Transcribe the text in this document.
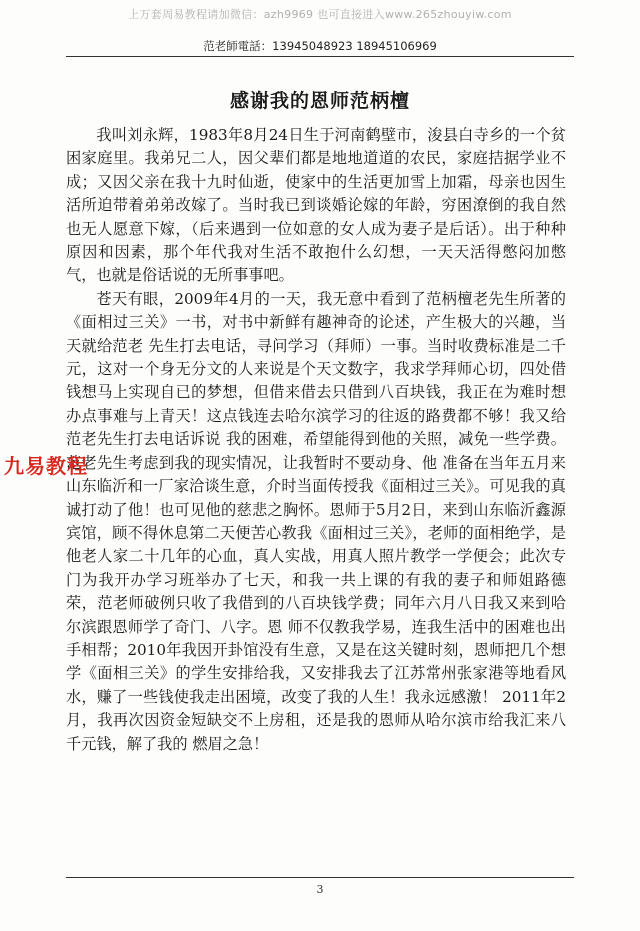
上万套周易教程请加微信：azh9969 也可直接进入www.265zhouyiw.com
范老師電話：13945048923 18945106969
感谢我的恩师范柄檀

我叫刘永辉，1983年8月24日生于河南鹤壁市，浚县白寺乡的一个贫困家庭里。我弟兄二人，因父辈们都是地地道道的农民，家庭拮据学业不成；又因父亲在我十九时仙逝，使家中的生活更加雪上加霜，母亲也因生活所迫带着弟弟改嫁了。当时我已到谈婚论嫁的年龄，穷困潦倒的我自然也无人愿意下嫁，（后来遇到一位如意的女人成为妻子是后话）。出于种种原因和因素，那个年代我对生活不敢抱什么幻想，一天天活得憋闷加憋气，也就是俗话说的无所事事吧。

苍天有眼，2009年4月的一天，我无意中看到了范柄檀老先生所著的《面相过三关》一书，对书中新鲜有趣神奇的论述，产生极大的兴趣，当天就给范老 先生打去电话，寻问学习（拜师）一事。当时收费标准是二千元，这对一个身无分文的人来说是个天文数字，我求学拜师心切，四处借钱想马上实现自已的梦想，但借来借去只借到八百块钱，我正在为难时想办点事难与上青天！这点钱连去哈尔滨学习的往返的路费都不够！我又给范老先生打去电话诉说 我的困难，希望能得到他的关照，减免一些学费。范老先生考虑到我的现实情况，让我暂时不要动身、他 准备在当年五月来山东临沂和一厂家洽谈生意，介时当面传授我《面相过三关》。可见我的真诚打动了他！也可见他的慈悲之胸怀。恩师于5月2日，来到山东临沂鑫源宾馆，顾不得休息第二天便苦心教我《面相过三关》，老师的面相绝学，是他老人家二十几年的心血，真人实战，用真人照片教学一学便会；此次专门为我开办学习班举办了七天，和我一共上课的有我的妻子和师姐路德荣，范老师破例只收了我借到的八百块钱学费；同年六月八日我又来到哈尔滨跟恩师学了奇门、八字。恩 师不仅教我学易，连我生活中的困难也出手相帮；2010年我因开卦馆没有生意，又是在这关键时刻，恩师把几个想学《面相三关》的学生安排给我，又安排我去了江苏常州张家港等地看风水，赚了一些钱使我走出困境，改变了我的人生！我永远感激！ 2011年2月，我再次因资金短缺交不上房租，还是我的恩师从哈尔滨市给我汇来八千元钱，解了我的 燃眉之急！

九易教程
3
